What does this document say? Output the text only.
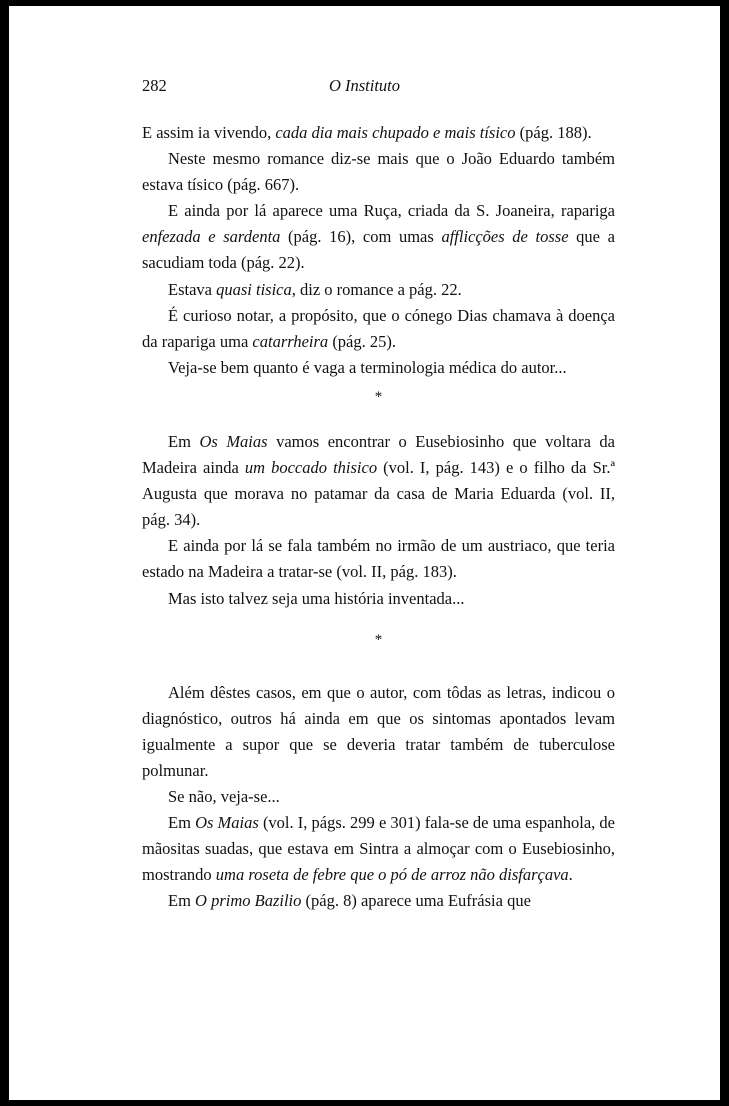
282	O Instituto

E assim ia vivendo, cada dia mais chupado e mais tísico (pág. 188).

Neste mesmo romance diz-se mais que o João Eduardo também estava tísico (pág. 667).

E ainda por lá aparece uma Ruça, criada da S. Joaneira, rapariga enfezada e sardenta (pág. 16), com umas afflicções de tosse que a sacudiam toda (pág. 22).

Estava quasi tisica, diz o romance a pág. 22.

É curioso notar, a propósito, que o cónego Dias chamava à doença da rapariga uma catarrheira (pág. 25).

Veja-se bem quanto é vaga a terminologia médica do autor...

*

Em Os Maias vamos encontrar o Eusebiosinho que voltara da Madeira ainda um boccado thisico (vol. I, pág. 143) e o filho da Sr.ª Augusta que morava no patamar da casa de Maria Eduarda (vol. II, pág. 34).

E ainda por lá se fala também no irmão de um austriaco, que teria estado na Madeira a tratar-se (vol. II, pág. 183).

Mas isto talvez seja uma história inventada...

*

Além dêstes casos, em que o autor, com tôdas as letras, indicou o diagnóstico, outros há ainda em que os sintomas apontados levam igualmente a supor que se deveria tratar também de tuberculose polmunar.

Se não, veja-se...

Em Os Maias (vol. I, págs. 299 e 301) fala-se de uma espanhola, de mãositas suadas, que estava em Sintra a almoçar com o Eusebiosinho, mostrando uma roseta de febre que o pó de arroz não disfarçava.

Em O primo Bazilio (pág. 8) aparece uma Eufrásia que
